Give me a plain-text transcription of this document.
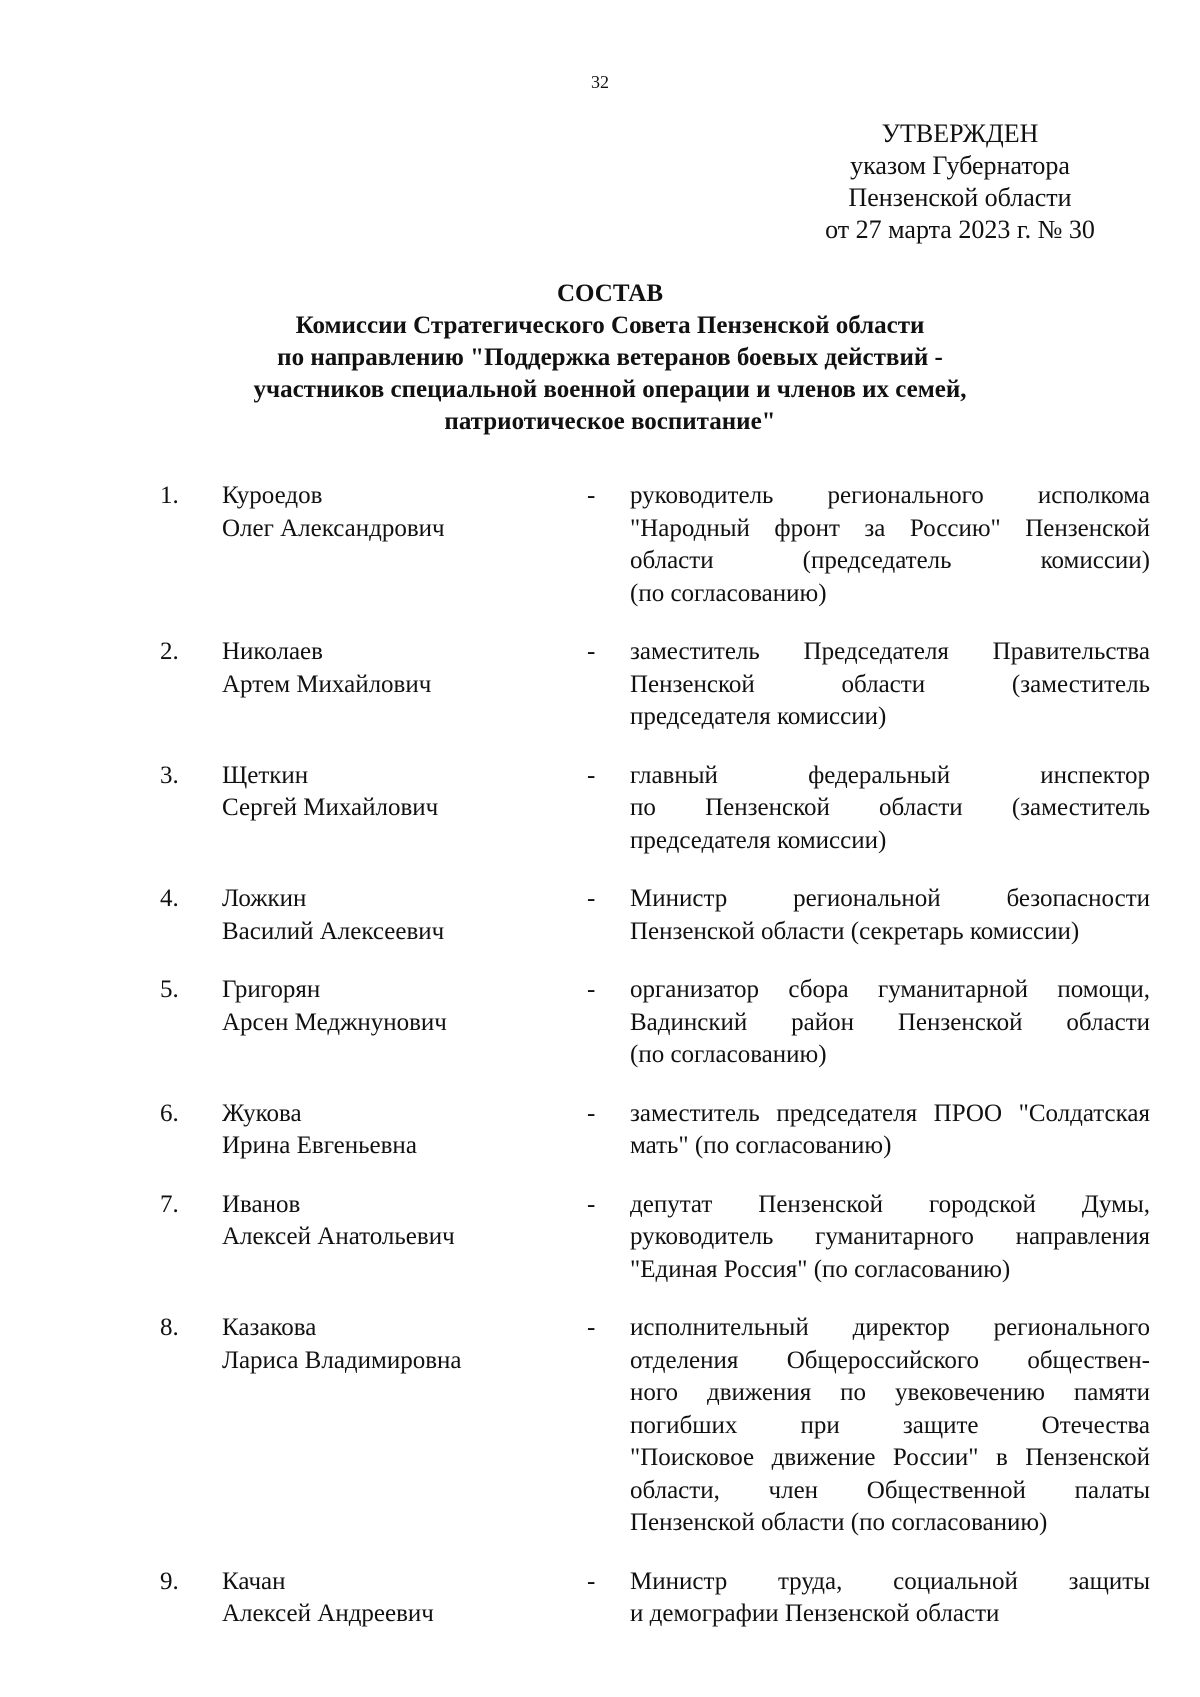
32
УТВЕРЖДЕН
указом Губернатора
Пензенской области
от 27 марта 2023 г. № 30
СОСТАВ
Комиссии Стратегического Совета Пензенской области
по направлению "Поддержка ветеранов боевых действий -
участников специальной военной операции и членов их семей,
патриотическое воспитание"
1.	Куроедов
Олег Александрович
-	руководитель регионального исполкома
"Народный фронт за Россию" Пензенской
области (председатель комиссии)
(по согласованию)
2.	Николаев
Артем Михайлович
-	заместитель Председателя Правительства
Пензенской области (заместитель
председателя комиссии)
3.	Щеткин
Сергей Михайлович
-	главный федеральный инспектор
по Пензенской области (заместитель
председателя комиссии)
4.	Ложкин
Василий Алексеевич
-	Министр региональной безопасности
Пензенской области (секретарь комиссии)
5.	Григорян
Арсен Меджнунович
-	организатор сбора гуманитарной помощи,
Вадинский район Пензенской области
(по согласованию)
6.	Жукова
Ирина Евгеньевна
-	заместитель председателя ПРОО "Солдатская
мать" (по согласованию)
7.	Иванов
Алексей Анатольевич
-	депутат Пензенской городской Думы,
руководитель гуманитарного направления
"Единая Россия" (по согласованию)
8.	Казакова
Лариса Владимировна
-	исполнительный директор регионального
отделения Общероссийского обществен-
ного движения по увековечению памяти
погибших при защите Отечества
"Поисковое движение России" в Пензенской
области, член Общественной палаты
Пензенской области (по согласованию)
9.	Качан
Алексей Андреевич
-	Министр труда, социальной защиты
и демографии Пензенской области
